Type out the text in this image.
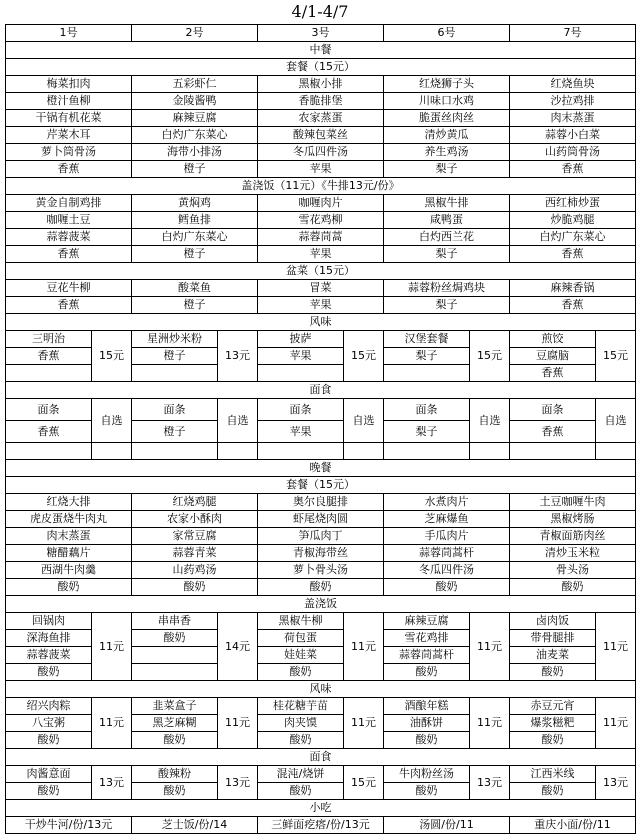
4/1-4/7
1号		2号		3号		6号		7号	
中餐									
套餐（15元）									
梅菜扣肉		五彩虾仁		黑椒小排		红烧狮子头		红烧鱼块	
橙汁鱼柳		金陵酱鸭		香脆排堡		川味口水鸡		沙拉鸡排	
干锅有机花菜		麻辣豆腐		农家蒸蛋		脆蛋丝肉丝		肉末蒸蛋	
芹菜木耳		白灼广东菜心		酸辣包菜丝		清炒黄瓜		蒜蓉小白菜	
萝卜筒骨汤		海带小排汤		冬瓜四件汤		养生鸡汤		山药筒骨汤	
香蕉		橙子		苹果		梨子		香蕉	
盖浇饭（11元）《牛排13元/份》									
黄金自制鸡排		黄焖鸡		咖喱肉片		黑椒牛排		西红柿炒蛋	
咖喱土豆		鳕鱼排		雪花鸡柳		咸鸭蛋		炒脆鸡腿	
蒜蓉菠菜		白灼广东菜心		蒜蓉茼蒿		白灼西兰花		白灼广东菜心	
香蕉		橙子		苹果		梨子		香蕉	
盆菜（15元）									
豆花牛柳		酸菜鱼		冒菜		蒜蓉粉丝焗鸡块		麻辣香锅	
香蕉		橙子		苹果		梨子		香蕉	
风味									
三明治	15元	星洲炒米粉	13元	披萨	15元	汉堡套餐	15元	煎饺	15元
香蕉		橙子		苹果		梨子		豆腐脑	
								香蕉	
面食									
面条	自选	面条	自选	面条	自选	面条	自选	面条	自选
香蕉		橙子		苹果		梨子		香蕉	

晚餐									
套餐（15元）									
红烧大排		红烧鸡腿		奥尔良腿排		水煮肉片		土豆咖喱牛肉	
虎皮蛋烧牛肉丸		农家小酥肉		虾尾烧肉圆		芝麻爆鱼		黑椒烤肠	
肉末蒸蛋		家常豆腐		笋瓜肉丁		手瓜肉片		青椒面筋肉丝	
糖醋藕片		蒜蓉青菜		青椒海带丝		蒜蓉茼蒿杆		清炒玉米粒	
西湖牛肉羹		山药鸡汤		萝卜骨头汤		冬瓜四件汤		骨头汤	
酸奶		酸奶		酸奶		酸奶		酸奶	
盖浇饭									
回锅肉	11元	串串香	14元	黑椒牛柳	11元	麻辣豆腐	11元	卤肉饭	11元
深海鱼排		酸奶		荷包蛋		雪花鸡排		带骨腿排	
蒜蓉菠菜				娃娃菜		蒜蓉茼蒿杆		油麦菜	
酸奶				酸奶		酸奶		酸奶	
风味									
绍兴肉粽	11元	韭菜盒子	11元	桂花糖芋苗	11元	酒酿年糕	11元	赤豆元宵	11元
八宝粥		黑芝麻糊		肉夹馍		油酥饼		爆浆糍粑	
酸奶		酸奶		酸奶		酸奶		酸奶	
面食									
肉酱意面	13元	酸辣粉	13元	混沌/烧饼	15元	牛肉粉丝汤	13元	江西米线	13元
酸奶		酸奶		酸奶		酸奶		酸奶	
小吃									
干炒牛河/份/13元		芝士饭/份/14		三鲜面疙瘩/份/13元		汤圆/份/11		重庆小面/份/11	
